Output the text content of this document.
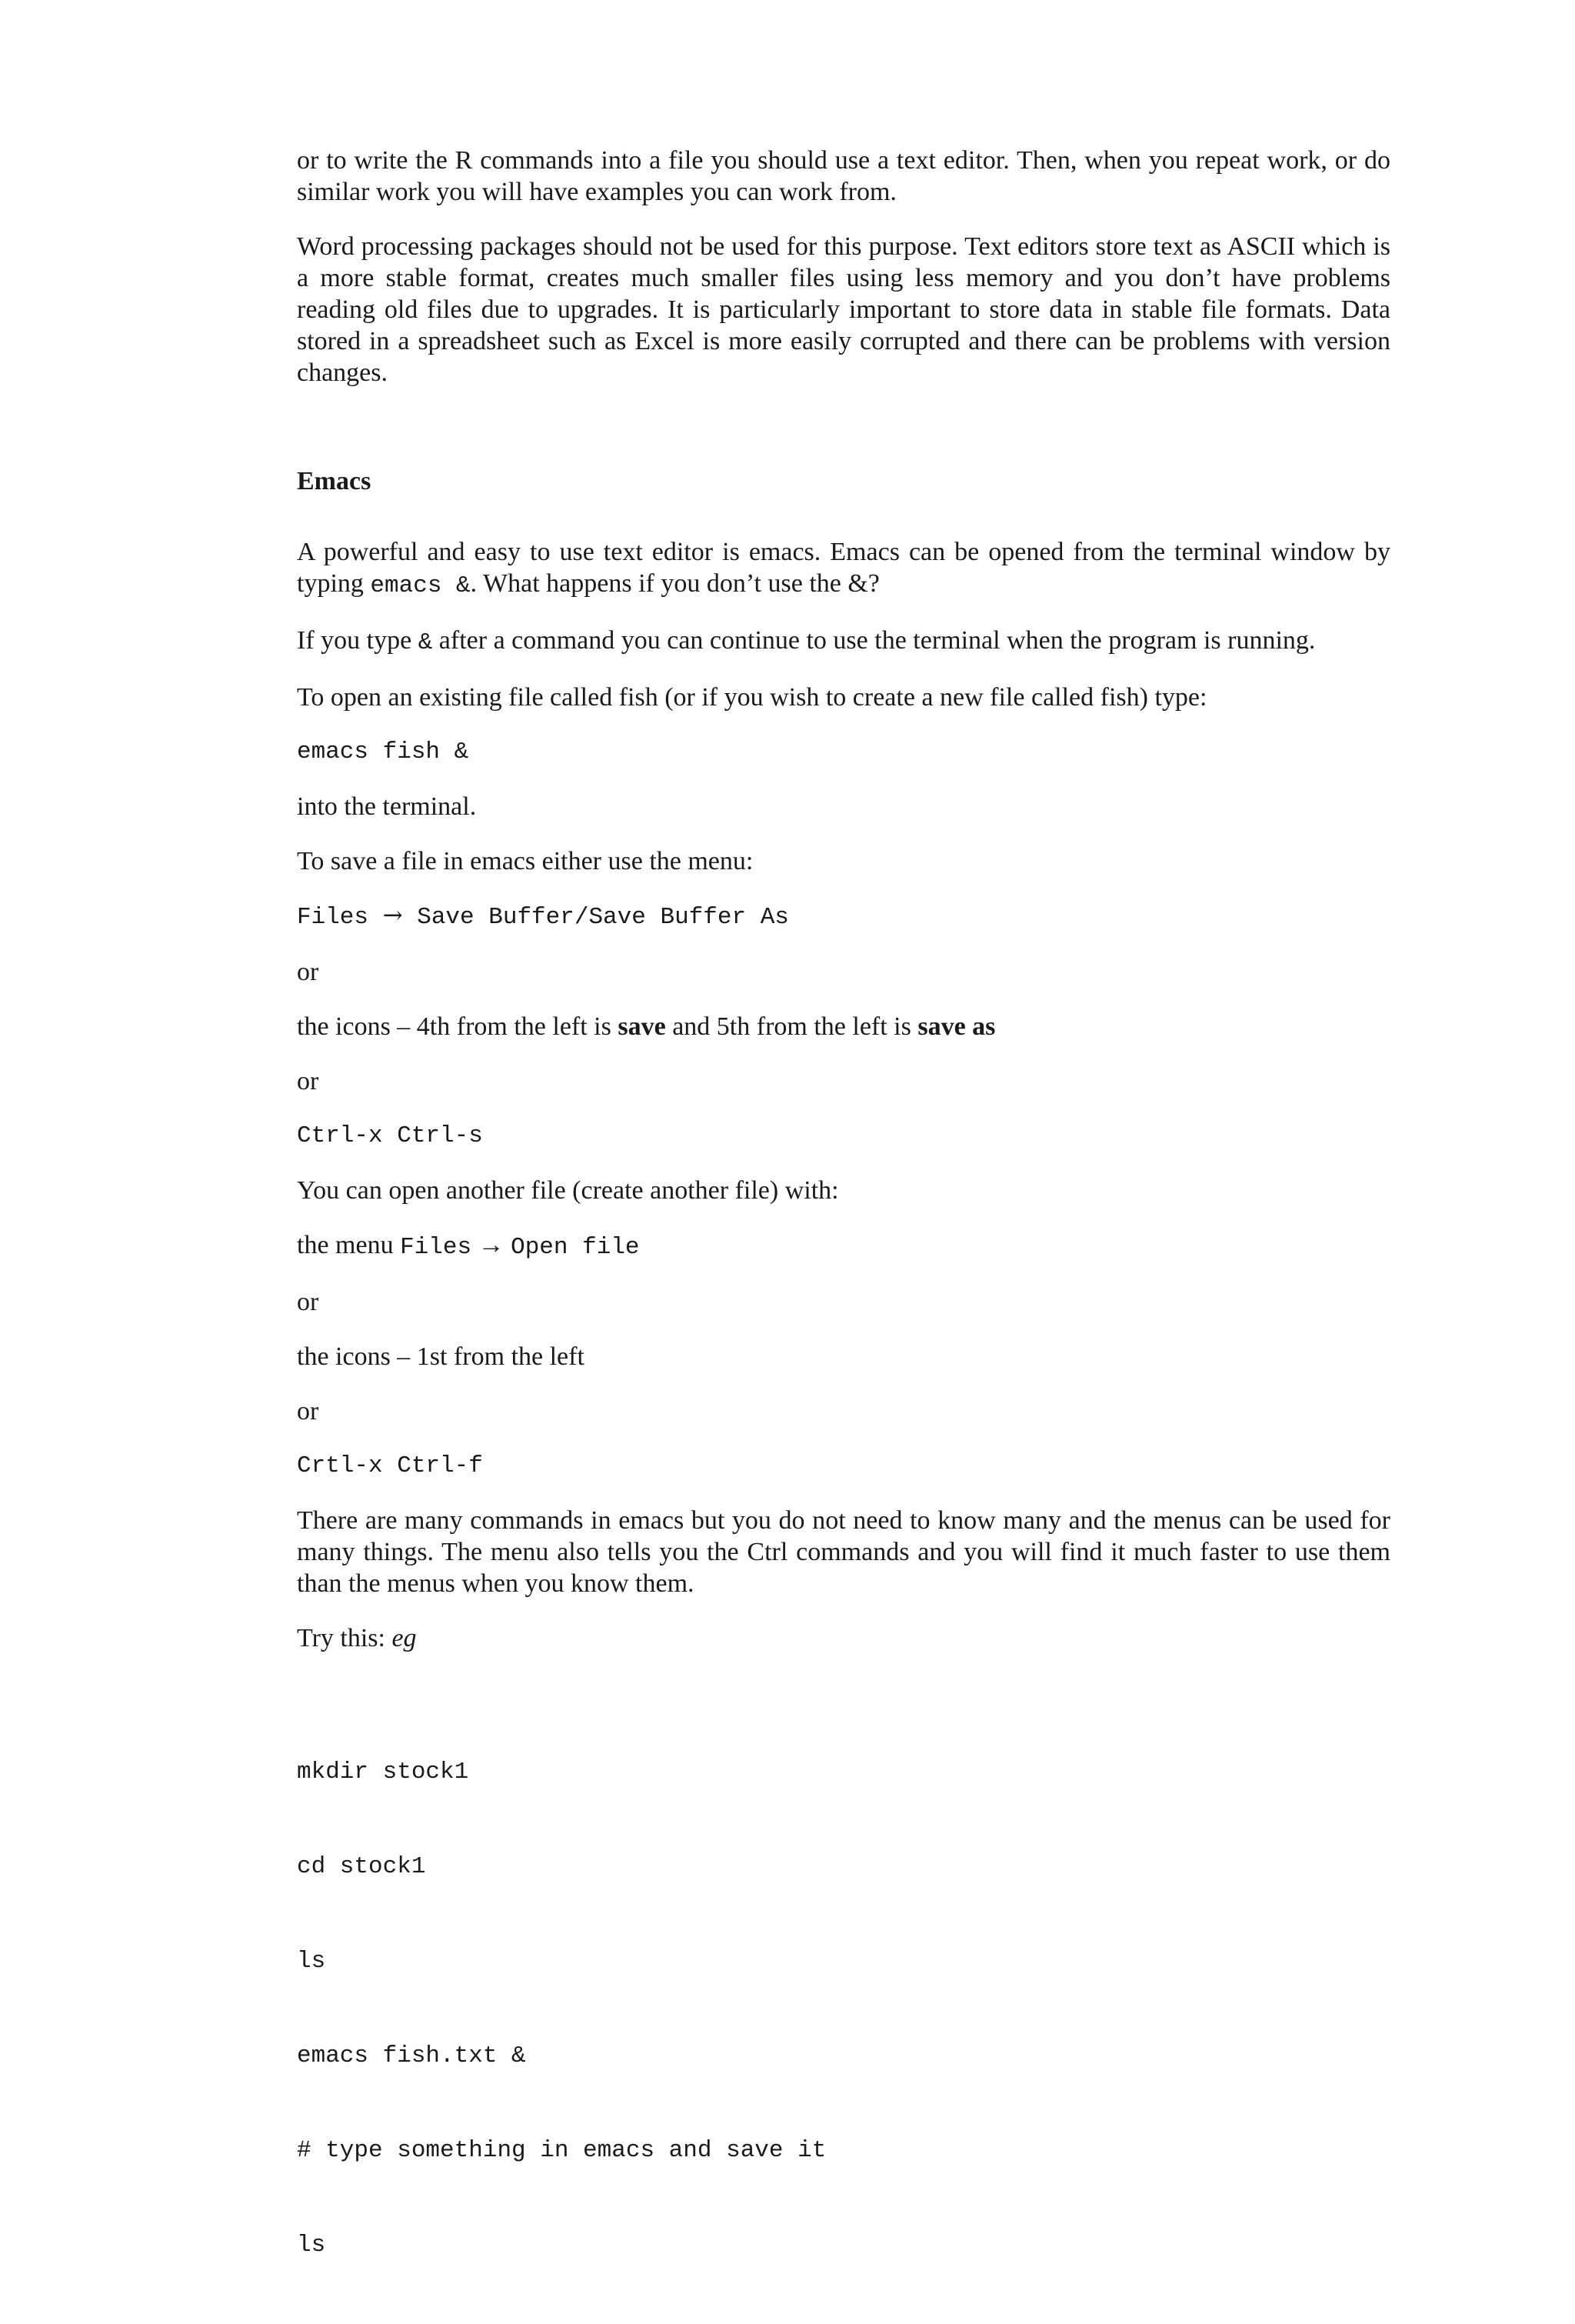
or to write the R commands into a file you should use a text editor. Then, when you repeat work, or do similar work you will have examples you can work from.

Word processing packages should not be used for this purpose. Text editors store text as ASCII which is a more stable format, creates much smaller files using less memory and you don’t have problems reading old files due to upgrades. It is particularly important to store data in stable file formats. Data stored in a spreadsheet such as Excel is more easily corrupted and there can be problems with version changes.

Emacs

A powerful and easy to use text editor is emacs. Emacs can be opened from the terminal window by typing emacs &. What happens if you don’t use the &?

If you type & after a command you can continue to use the terminal when the program is running.

To open an existing file called fish (or if you wish to create a new file called fish) type:

emacs fish &

into the terminal.

To save a file in emacs either use the menu:

Files → Save Buffer/Save Buffer As

or

the icons – 4th from the left is save and 5th from the left is save as

or

Ctrl-x Ctrl-s

You can open another file (create another file) with:

the menu Files → Open file

or

the icons – 1st from the left

or

Crtl-x Ctrl-f

There are many commands in emacs but you do not need to know many and the menus can be used for many things. The menu also tells you the Ctrl commands and you will find it much faster to use them than the menus when you know them.

Try this: eg

mkdir stock1

cd stock1

ls

emacs fish.txt &

# type something in emacs and save it

ls
